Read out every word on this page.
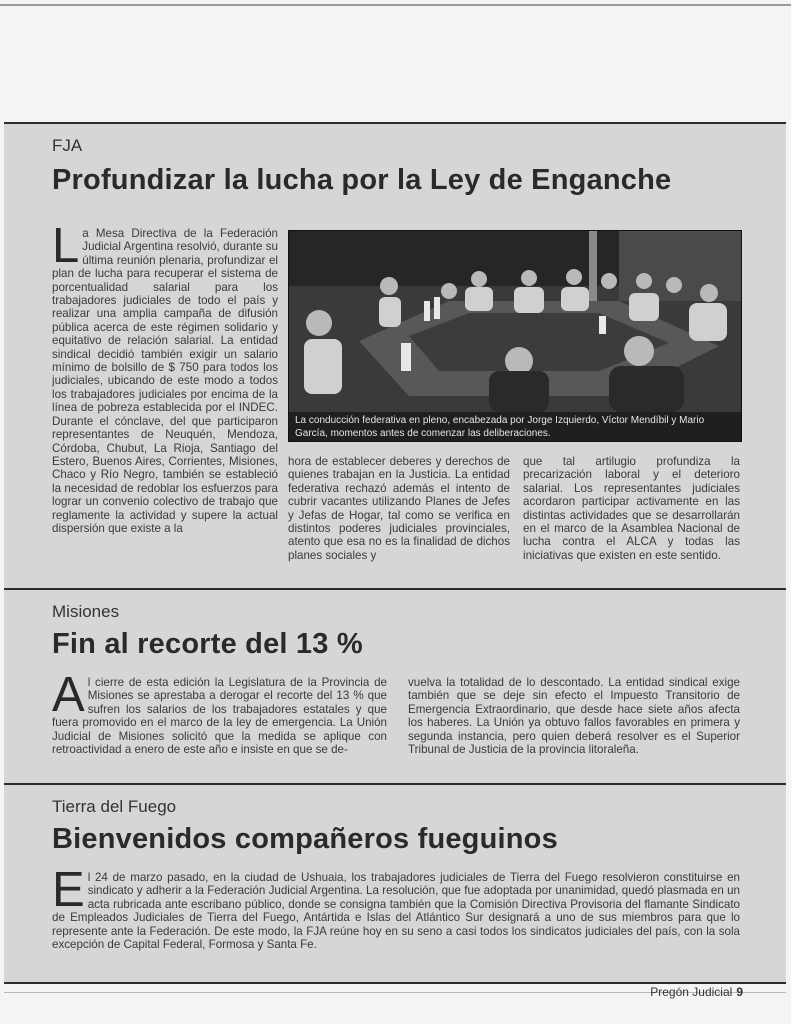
FJA
Profundizar la lucha por la Ley de Enganche
La Mesa Directiva de la Federación Judicial Argentina resolvió, durante su última reunión plenaria, profundizar el plan de lucha para recuperar el sistema de porcentualidad salarial para los trabajadores judiciales de todo el país y realizar una amplia campaña de difusión pública acerca de este régimen solidario y equitativo de relación salarial. La entidad sindical decidió también exigir un salario mínimo de bolsillo de $ 750 para todos los judiciales, ubicando de este modo a todos los trabajadores judiciales por encima de la línea de pobreza establecida por el INDEC. Durante el cónclave, del que participaron representantes de Neuquén, Mendoza, Córdoba, Chubut, La Rioja, Santiago del Estero, Buenos Aires, Corrientes, Misiones, Chaco y Río Negro, también se estableció la necesidad de redoblar los esfuerzos para lograr un convenio colectivo de trabajo que reglamente la actividad y supere la actual dispersión que existe a la
La conducción federativa en pleno, encabezada por Jorge Izquierdo, Víctor Mendíbil y Mario García, momentos antes de comenzar las deliberaciones.
hora de establecer deberes y derechos de quienes trabajan en la Justicia. La entidad federativa rechazó además el intento de cubrir vacantes utilizando Planes de Jefes y Jefas de Hogar, tal como se verifica en distintos poderes judiciales provinciales, atento que esa no es la finalidad de dichos planes sociales y
que tal artilugio profundiza la precarización laboral y el deterioro salarial. Los representantes judiciales acordaron participar activamente en las distintas actividades que se desarrollarán en el marco de la Asamblea Nacional de lucha contra el ALCA y todas las iniciativas que existen en este sentido.
Misiones
Fin al recorte del 13 %
Al cierre de esta edición la Legislatura de la Provincia de Misiones se aprestaba a derogar el recorte del 13 % que sufren los salarios de los trabajadores estatales y que fuera promovido en el marco de la ley de emergencia. La Unión Judicial de Misiones solicitó que la medida se aplique con retroactividad a enero de este año e insiste en que se de-
vuelva la totalidad de lo descontado. La entidad sindical exige también que se deje sin efecto el Impuesto Transitorio de Emergencia Extraordinario, que desde hace siete años afecta los haberes. La Unión ya obtuvo fallos favorables en primera y segunda instancia, pero quien deberá resolver es el Superior Tribunal de Justicia de la provincia litoraleña.
Tierra del Fuego
Bienvenidos compañeros fueguinos
El 24 de marzo pasado, en la ciudad de Ushuaia, los trabajadores judiciales de Tierra del Fuego resolvieron constituirse en sindicato y adherir a la Federación Judicial Argentina. La resolución, que fue adoptada por unanimidad, quedó plasmada en un acta rubricada ante escribano público, donde se consigna también que la Comisión Directiva Provisoria del flamante Sindicato de Empleados Judiciales de Tierra del Fuego, Antártida e Islas del Atlántico Sur designará a uno de sus miembros para que lo represente ante la Federación. De este modo, la FJA reúne hoy en su seno a casi todos los sindicatos judiciales del país, con la sola excepción de Capital Federal, Formosa y Santa Fe.
Pregón Judicial 9
